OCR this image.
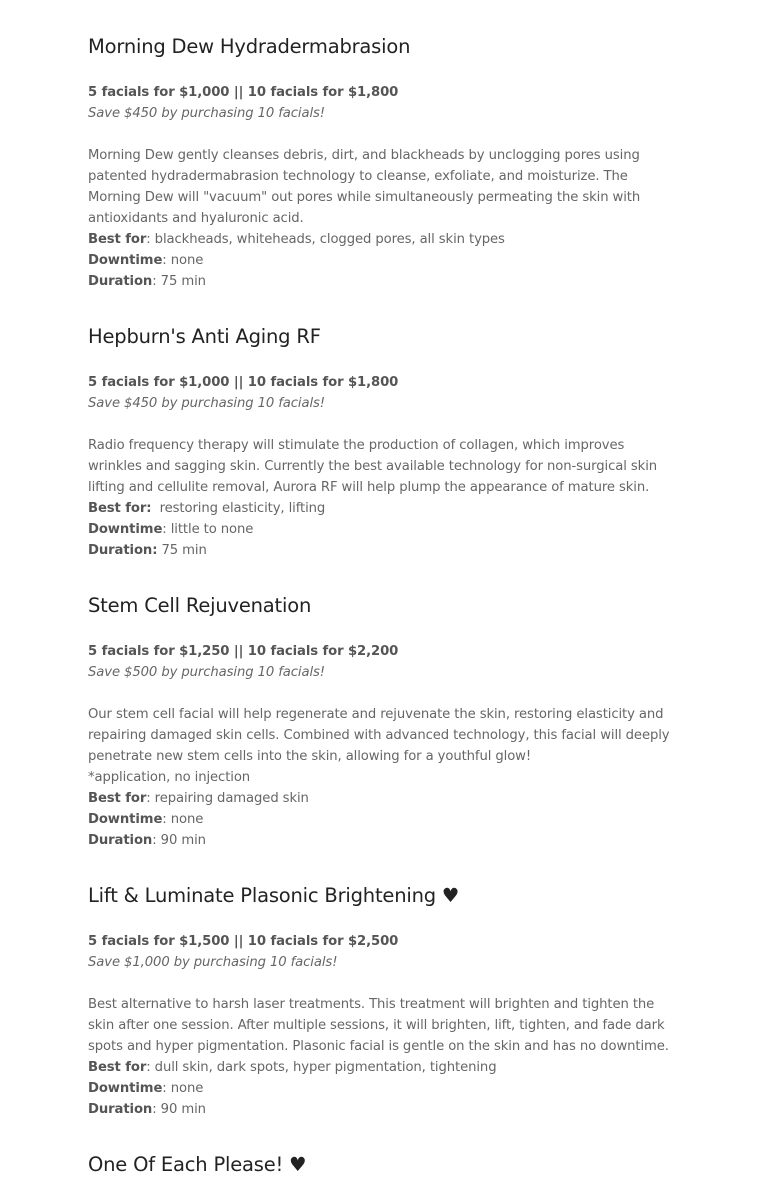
Morning Dew Hydradermabrasion
5 facials for $1,000 || 10 facials for $1,800
Save $450 by purchasing 10 facials!
Morning Dew gently cleanses debris, dirt, and blackheads by unclogging pores using patented hydradermabrasion technology to cleanse, exfoliate, and moisturize. The Morning Dew will "vacuum" out pores while simultaneously permeating the skin with antioxidants and hyaluronic acid.
Best for: blackheads, whiteheads, clogged pores, all skin types
Downtime: none
Duration: 75 min
Hepburn's Anti Aging RF
5 facials for $1,000 || 10 facials for $1,800
Save $450 by purchasing 10 facials!
Radio frequency therapy will stimulate the production of collagen, which improves wrinkles and sagging skin. Currently the best available technology for non-surgical skin lifting and cellulite removal, Aurora RF will help plump the appearance of mature skin.
Best for:  restoring elasticity, lifting
Downtime: little to none
Duration: 75 min
Stem Cell Rejuvenation
5 facials for $1,250 || 10 facials for $2,200
Save $500 by purchasing 10 facials!
Our stem cell facial will help regenerate and rejuvenate the skin, restoring elasticity and repairing damaged skin cells. Combined with advanced technology, this facial will deeply penetrate new stem cells into the skin, allowing for a youthful glow!
*application, no injection
Best for: repairing damaged skin
Downtime: none
Duration: 90 min
Lift & Luminate Plasonic Brightening ♥
5 facials for $1,500 || 10 facials for $2,500
Save $1,000 by purchasing 10 facials!
Best alternative to harsh laser treatments. This treatment will brighten and tighten the skin after one session. After multiple sessions, it will brighten, lift, tighten, and fade dark spots and hyper pigmentation. Plasonic facial is gentle on the skin and has no downtime.
Best for: dull skin, dark spots, hyper pigmentation, tightening
Downtime: none
Duration: 90 min
One Of Each Please! ♥
